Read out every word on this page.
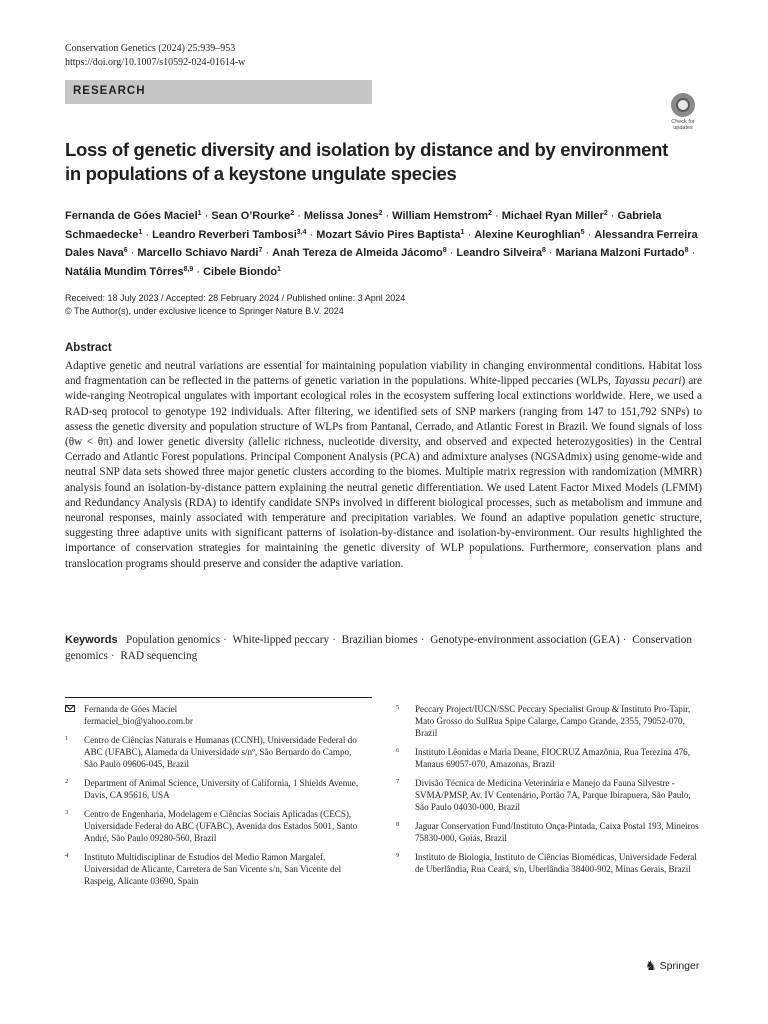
Conservation Genetics (2024) 25:939–953
https://doi.org/10.1007/s10592-024-01614-w
RESEARCH
Check for
updates
Loss of genetic diversity and isolation by distance and by environment in populations of a keystone ungulate species
Fernanda de Góes Maciel$^1$ · Sean O’Rourke$^2$ · Melissa Jones$^2$ · William Hemstrom$^2$ · Michael Ryan Miller$^2$ · Gabriela Schmaedecke$^1$ · Leandro Reverberi Tambosi$^{3,4}$ · Mozart Sávio Pires Baptista$^1$ · Alexine Keuroghlian$^5$ · Alessandra Ferreira Dales Nava$^6$ · Marcello Schiavo Nardi$^7$ · Anah Tereza de Almeida Jácomo$^8$ · Leandro Silveira$^8$ · Mariana Malzoni Furtado$^8$ · Natália Mundim Tôrres$^{8,9}$ · Cibele Biondo$^1$
Received: 18 July 2023 / Accepted: 28 February 2024 / Published online: 3 April 2024
© The Author(s), under exclusive licence to Springer Nature B.V. 2024
Abstract

Adaptive genetic and neutral variations are essential for maintaining population viability in changing environmental conditions. Habitat loss and fragmentation can be reflected in the patterns of genetic variation in the populations. White-lipped peccaries (WLPs, Tayassu pecari) are wide-ranging Neotropical ungulates with important ecological roles in the ecosystem suffering local extinctions worldwide. Here, we used a RAD-seq protocol to genotype 192 individuals. After filtering, we identified sets of SNP markers (ranging from 147 to 151,792 SNPs) to assess the genetic diversity and population structure of WLPs from Pantanal, Cerrado, and Atlantic Forest in Brazil. We found signals of loss (θw < θπ) and lower genetic diversity (allelic richness, nucleotide diversity, and observed and expected heterozygosities) in the Central Cerrado and Atlantic Forest populations. Principal Component Analysis (PCA) and admixture analyses (NGSAdmix) using genome-wide and neutral SNP data sets showed three major genetic clusters according to the biomes. Multiple matrix regression with randomization (MMRR) analysis found an isolation-by-distance pattern explaining the neutral genetic differentiation. We used Latent Factor Mixed Models (LFMM) and Redundancy Analysis (RDA) to identify candidate SNPs involved in different biological processes, such as metabolism and immune and neuronal responses, mainly associated with temperature and precipitation variables. We found an adaptive population genetic structure, suggesting three adaptive units with significant patterns of isolation-by-distance and isolation-by-environment. Our results highlighted the importance of conservation strategies for maintaining the genetic diversity of WLP populations. Furthermore, conservation plans and translocation programs should preserve and consider the adaptive variation.

Keywords Population genomics · White-lipped peccary · Brazilian biomes · Genotype-environment association (GEA) · Conservation genomics · RAD sequencing
Fernanda de Góes Maciel
fermaciel_bio@yahoo.com.br
1	Centro de Ciências Naturais e Humanas (CCNH), Universidade Federal do ABC (UFABC), Alameda da Universidade s/nº, São Bernardo do Campo, São Paulo 09606-045, Brazil
2	Department of Animal Science, University of California, 1 Shields Avenue, Davis, CA 95616, USA
3	Centro de Engenharia, Modelagem e Ciências Sociais Aplicadas (CECS), Universidade Federal do ABC (UFABC), Avenida dos Estados 5001, Santo André, São Paulo 09280-560, Brazil
4	Instituto Multidisciplinar de Estudios del Medio Ramon Margalef, Universidad de Alicante, Carretera de San Vicente s/n, San Vicente del Raspeig, Alicante 03690, Spain
5	Peccary Project/IUCN/SSC Peccary Specialist Group & Instituto Pro-Tapir, Mato Grosso do SulRua Spipe Calarge, Campo Grande, 2355, 79052-070, Brazil
6	Instituto Lêonidas e Maria Deane, FIOCRUZ Amazônia, Rua Terezina 476, Manaus 69057-070, Amazonas, Brazil
7	Divisão Técnica de Medicina Veterinária e Manejo da Fauna Silvestre - SVMA/PMSP, Av. IV Centenário, Portão 7A, Parque Ibirapuera, São Paulo, São Paulo 04030-000, Brazil
8	Jaguar Conservation Fund/Instituto Onça-Pintada, Caixa Postal 193, Mineiros 75830-000, Goiás, Brazil
9	Instituto de Biologia, Instituto de Ciências Biomédicas, Universidade Federal de Uberlândia, Rua Ceará, s/n, Uberlândia 38400-902, Minas Gerais, Brazil
♞ Springer
